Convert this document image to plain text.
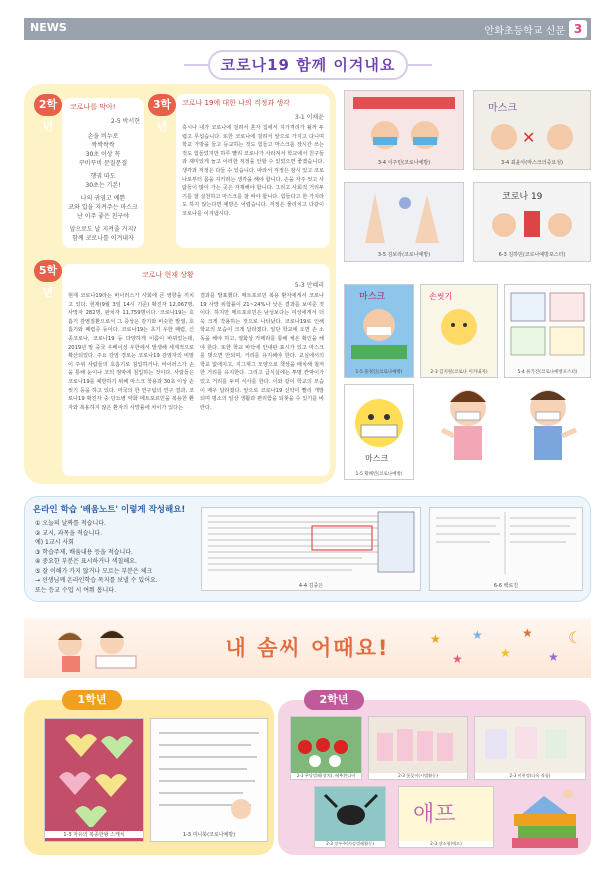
NEWS	안화초등학교 신문 3
코로나19 함께 이겨내요
2학년
코로나를 막아!
2-5 박서현
손을 비누로
싹싹싹싹
30초 이상 꼭
꾸비꾸비 문질문질
행궈 따도
30초는 기본!
나의 귀염고 예쁜
코와 입을 지켜주는 마스크
난 이주 좋은 친구야
앞으로도 날 지켜줄 거지?
함께 코로나를 이겨내자
3학년
코로나 19에 대한 나의 걱정과 생각
3-1 이채윤
혹시나 내가 코로나에 걸려서 혼자 집에서 지가격리가 될까 두렵고 무섭습니다. 또한 코로나에 걸려서 앞으로 가지고 다니며 학교 가방을 들고 등교하는 것도 힘들고 마스크를 장시간 쓰는 것도 힘들었지만 하루 빨리 코로나가 사라져서 학교에서 친구들과 재미있게 놀고 이러한 걱정을 안할 수 있었으면 좋겠습니다. 생각과 걱정은 다들 수 있습니다. 따라서 걱정은 잠시 있고 코로나로부터 몸을 지키려는 생각을 해야 합니다. 손을 자주 씻고 사람들이 많이 가는 곳은 자제해야 합니다. 그리고 사회적 거리두기를 잘 실천하고 마스크를 잘 써야 합니다. 힘들다고 한 가지라도 하지 않는다면 예방은 어렵습니다. 걱정은 물리치고 다같이 코로나를 이겨냅시다.
5학년
코로나 현재 상황
5-3 안혜리
현재 코로나19라는 바이러스가 사회에 큰 영향을 끼치고 있다. 현재(9월 3일 14시 기준) 확진자 12,067명, 사망자 282명, 완치자 11,759명이다. 코로나19는 호흡기 감염질환으로서 그 증상은 감기와 비슷한 발열, 호흡기와 폐렴증 등이다. 코로나19는 초기 우한 폐렴, 신종코로나, 코로나19 등 다양하게 이름이 바뀌었는데, 2019년 말 중국 우베이성 우한에서 발생해 세계적으로 확산되었다. 주요 감염 경로는 코로나19 감염자의 비말이 주위 사람들의 호흡기로 침입하거나, 바이러스가 손을 통해 눈이나 코의 점막에 침입하는 것이다. 사람들은 코로나19를 예방하기 위해 마스크 착용과 30초 이상 손 씻기 등을 하고 있다. 미국의 한 연구팀의 연구 결과, 코로나19 확진자 중 당뇨병 악화 메트포르민을 복용한 환자와 복용하지 않은 환자의 사망률에 차이가 있다는
결과를 발표했다. 메트포르민 복용 환자에게서 코로나19 사망 위험률이 21~24%나 낮은 결과를 보여준 것이다. 하지만 메트포르민은 남성보다는 여성에게서 더욱 크게 작용하는 것으로 나타났다. 코로나19로 인해 학교의 모습이 크게 달라졌다. 일단 학교에 오면 손 소독을 해야 하고, 열화상 카메라를 통해 체온 확인을 해야 한다. 또한 학교 바닥에 안내판 표시가 있고 마스크를 벗으면 안되며, 거리를 유지해야 한다. 교실에서의 학교 없애지고, 지그재그 모양으로 책상을 배치해 철저한 거리를 유지한다. 그리고 급식실에는 투명 칸막이가 있고 거리를 두며 식사를 한다. 이와 같이 학교의 모습이 매우 달라졌다. 앞으로 코로나19 신약이 빨리 개발되며 평소의 일상 생활과 편리함을 되찾을 수 있기를 바란다.
3-4 이주민(코로나예방)
마스크
✕
3-4 최윤아(마스크의중요성)
3-5 김보라(코로나예방)
코로나 19
6-3 김하민(코로나예방포스터)
마스크
1-5 홍정인(코로나예방)
손씻기
2-3 김지원(코로나 이겨내자)	5-4 류가진(코로나예방포스터)
마스크
1-5 황혜빈(코로나예방)
온라인 학습 '배움노트' 이렇게 작성해요!
① 오늘의 날짜를 적습니다.
② 교시, 과목을 적습니다.
예) 1교시 사회
③ 학습주제, 배움내용 등을 적습니다.
④ 중요한 부분은 표시하거나 색칠해요.
⑤ 잘 이해가 가지 않거나 모르는 부분은 체크
→ 선생님께 온라인학습 목지를 보낼 수 있어요.
또는 등교 수업 시 여쭤 봅니다.
4-4 김중은	6-6 백로진
내 솜씨 어때요!	★
★
★
★
★
★
☾
1학년
1-3 자유의 복종한왕 스케치	1-3 미니북(코로나예방)
2학년
2-3 무당벌레(장치), 배추흰나비	2-3 꽃꽂이(시범활동)	2-3 이현정(다육 작품)
2-3 장우주(사슴벌레활동)
애프
2-3 장소영(애프)
